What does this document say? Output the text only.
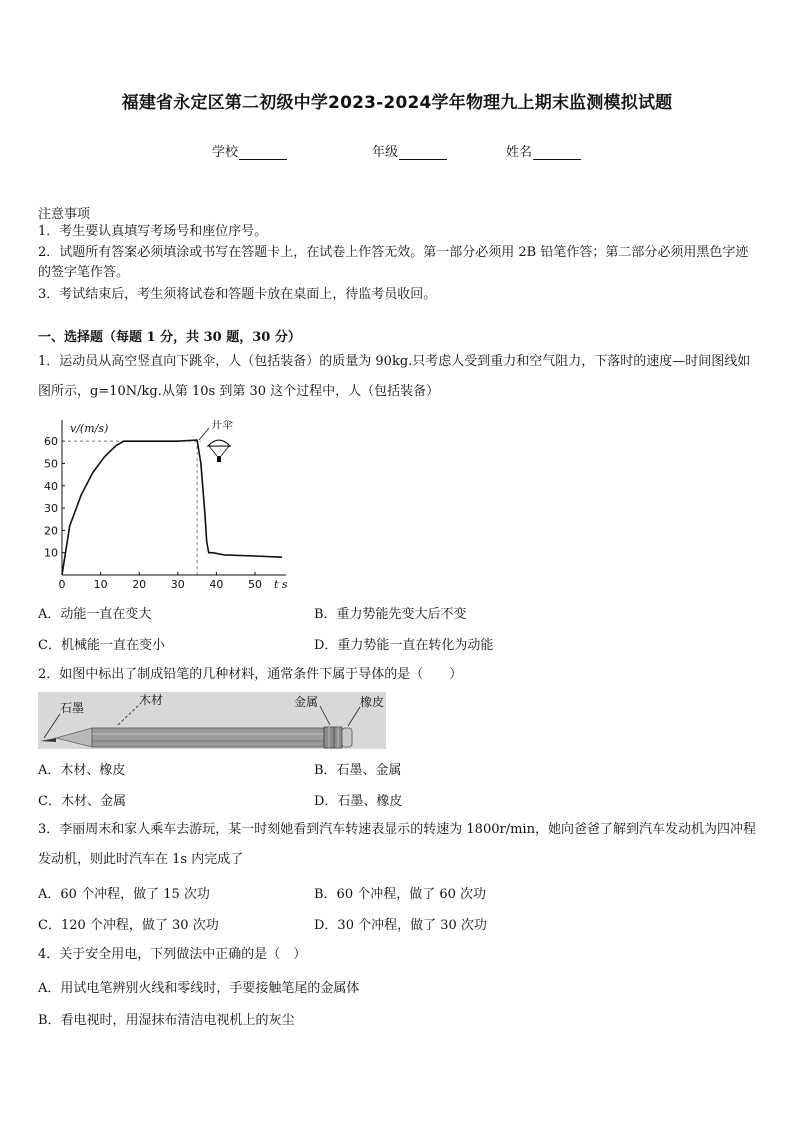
福建省永定区第二初级中学2023-2024学年物理九上期末监测模拟试题
学校	年级	姓名
注意事项
1．考生要认真填写考场号和座位序号。
2．试题所有答案必须填涂或书写在答题卡上，在试卷上作答无效。第一部分必须用 2B 铅笔作答；第二部分必须用黑色字迹的签字笔作答。
3．考试结束后，考生须将试卷和答题卡放在桌面上，待监考员收回。
一、选择题（每题 1 分，共 30 题，30 分）
1．运动员从高空竖直向下跳伞，人（包括装备）的质量为 90kg.只考虑人受到重力和空气阻力，下落时的速度—时间图线如图所示，g=10N/kg.从第 10s 到第 30 这个过程中，人（包括装备）
10
20
30
40
50
60
0	10 20 30 40 50
v/(m/s)
t s
开伞
A．动能一直在变大	B．重力势能先变大后不变
C．机械能一直在变小	D．重力势能一直在转化为动能
2．如图中标出了制成铅笔的几种材料，通常条件下属于导体的是（　　）
石墨
木材	金属	橡皮
A．木材、橡皮	B．石墨、金属
C．木材、金属	D．石墨、橡皮
3．李丽周末和家人乘车去游玩，某一时刻她看到汽车转速表显示的转速为 1800r/min，她向爸爸了解到汽车发动机为四冲程发动机，则此时汽车在 1s 内完成了
A．60 个冲程，做了 15 次功	B．60 个冲程，做了 60 次功
C．120 个冲程，做了 30 次功	D．30 个冲程，做了 30 次功
4．关于安全用电，下列做法中正确的是（　）
A．用试电笔辨别火线和零线时，手要接触笔尾的金属体
B．看电视时，用湿抹布清洁电视机上的灰尘
